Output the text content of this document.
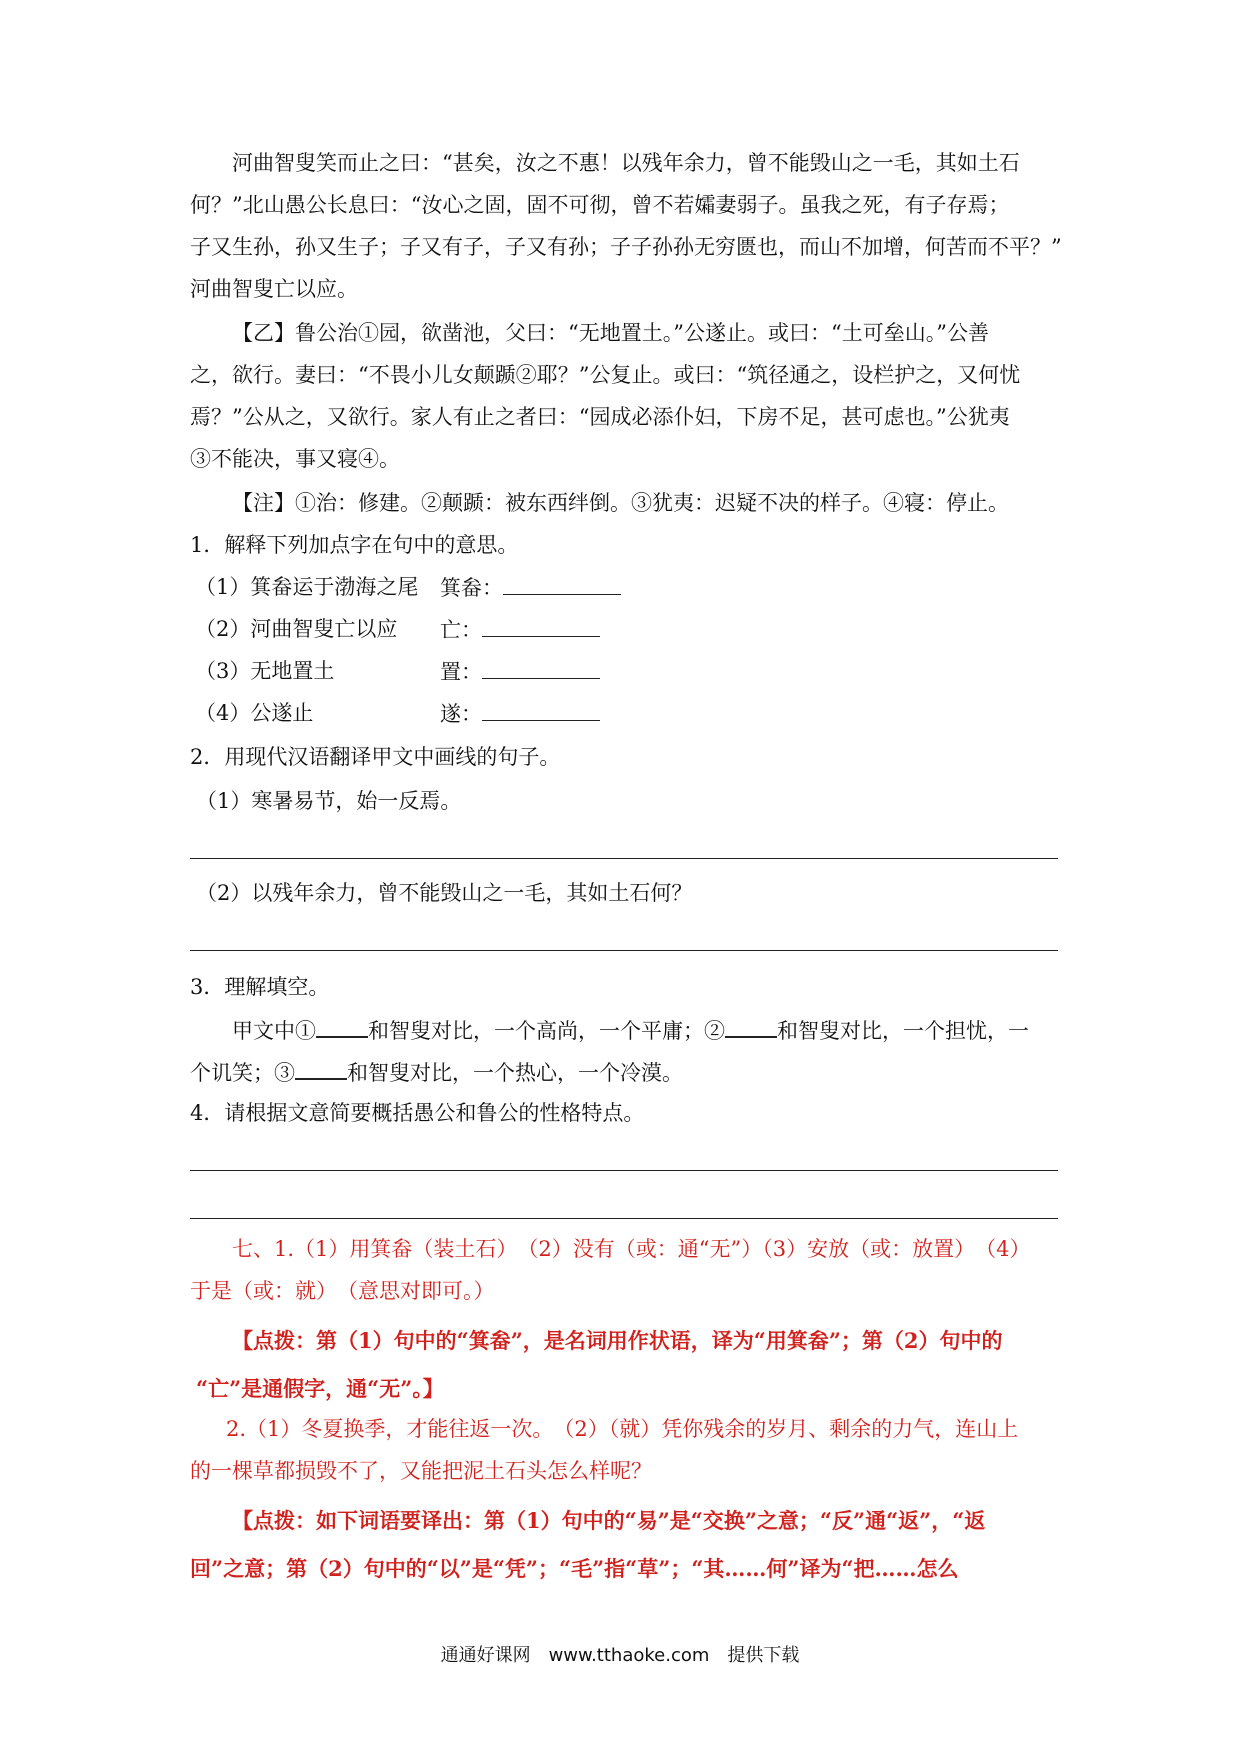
河曲智叟笑而止之曰：“甚矣，汝之不惠！以残年余力，曾不能毁山之一毛，其如土石
何？”北山愚公长息曰：“汝心之固，固不可彻，曾不若孀妻弱子。虽我之死，有子存焉；
子又生孙，孙又生子；子又有子，子又有孙；子子孙孙无穷匮也，而山不加增，何苦而不平？”
河曲智叟亡以应。
【乙】鲁公治①园，欲凿池，父曰：“无地置土。”公遂止。或曰：“土可垒山。”公善
之，欲行。妻曰：“不畏小儿女颠踬②耶？”公复止。或曰：“筑径通之，设栏护之，又何忧
焉？”公从之，又欲行。家人有止之者曰：“园成必添仆妇，下房不足，甚可虑也。”公犹夷
③不能决，事又寝④。
【注】①治：修建。②颠踬：被东西绊倒。③犹夷：迟疑不决的样子。④寝：停止。
1．解释下列加点字在句中的意思。
（1）箕畚运于渤海之尾 箕畚：
（2）河曲智叟亡以应 亡：
（3）无地置土	置：
（4）公遂止	遂：
2．用现代汉语翻译甲文中画线的句子。
（1）寒暑易节，始一反焉。
（2）以残年余力，曾不能毁山之一毛，其如土石何？
3．理解填空。
甲文中① 和智叟对比，一个高尚，一个平庸；② 和智叟对比，一个担忧，一
个讥笑；③ 和智叟对比，一个热心，一个冷漠。
4．请根据文意简要概括愚公和鲁公的性格特点。
七、1.（1）用箕畚（装土石）　（2）没有（或：通“无”）（3）安放（或：放置）　（4）
于是（或：就）　（意思对即可。）
【点拨：第（1）句中的“箕畚”，是名词用作状语，译为“用箕畚”；第（2）句中的
“亡”是通假字，通“无”。】
2.（1）冬夏换季，才能往返一次。　（2）（就）凭你残余的岁月、剩余的力气，连山上
的一棵草都损毁不了，又能把泥土石头怎么样呢？
【点拨：如下词语要译出：第（1）句中的“易”是“交换”之意；“反”通“返”，“返
回”之意；第（2）句中的“以”是“凭”；“毛”指“草”；“其……何”译为“把……怎么
通通好课网　www.tthaoke.com　提供下载
